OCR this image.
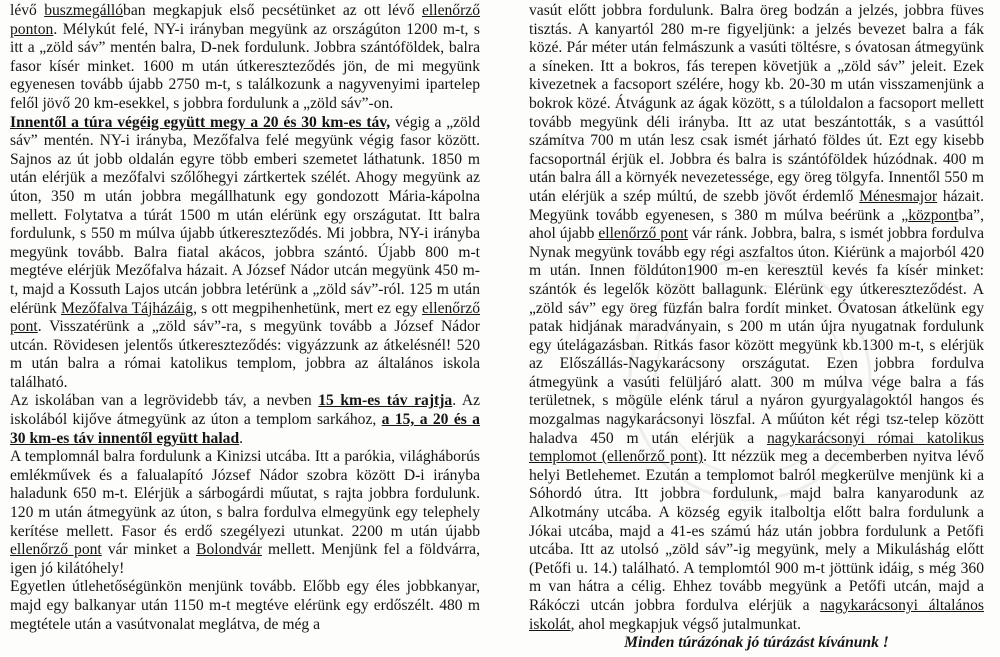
lévő buszmegállóban megkapjuk első pecsétünket az ott lévő ellenőrző ponton. Mélykút felé, NY-i irányban megyünk az országúton 1200 m-t, s itt a „zöld sáv” mentén balra, D-nek fordulunk. Jobbra szántóföldek, balra fasor kísér minket. 1600 m után útkereszteződés jön, de mi megyünk egyenesen tovább újabb 2750 m-t, s találkozunk a nagyvenyimi ipartelep felől jövő 20 km-esekkel, s jobbra fordulunk a „zöld sáv”-on.

Innentől a túra végéig együtt megy a 20 és 30 km-es táv, végig a „zöld sáv” mentén. NY-i irányba, Mezőfalva felé megyünk végig fasor között. Sajnos az út jobb oldalán egyre több emberi szemetet láthatunk. 1850 m után elérjük a mezőfalvi szőlőhegyi zártkertek szélét. Ahogy megyünk az úton, 350 m után jobbra megállhatunk egy gondozott Mária-kápolna mellett. Folytatva a túrát 1500 m után elérünk egy országutat. Itt balra fordulunk, s 550 m múlva újabb útkereszteződés. Mi jobbra, NY-i irányba megyünk tovább. Balra fiatal akácos, jobbra szántó. Újabb 800 m-t megtéve elérjük Mezőfalva házait. A József Nádor utcán megyünk 450 m-t, majd a Kossuth Lajos utcán jobbra letérünk a „zöld sáv”-ról. 125 m után elérünk Mezőfalva Tájházáig, s ott megpihenhetünk, mert ez egy ellenőrző pont. Visszatérünk a „zöld sáv”-ra, s megyünk tovább a József Nádor utcán. Rövidesen jelentős útkereszteződés: vigyázzunk az átkelésnél! 520 m után balra a római katolikus templom, jobbra az általános iskola található.

Az iskolában van a legrövidebb táv, a nevben 15 km-es táv rajtja. Az iskolából kijőve átmegyünk az úton a templom sarkához, a 15, a 20 és a 30 km-es táv innentől együtt halad.

A templomnál balra fordulunk a Kinizsi utcába. Itt a parókia, világháborús emlékművek és a falualapító József Nádor szobra között D-i irányba haladunk 650 m-t. Elérjük a sárbogárdi műutat, s rajta jobbra fordulunk. 120 m után átmegyünk az úton, s balra fordulva elmegyünk egy telephely kerítése mellett. Fasor és erdő szegélyezi utunkat. 2200 m után újabb ellenőrző pont vár minket a Bolondvár mellett. Menjünk fel a földvárra, igen jó kilátóhely!

Egyetlen útlehetőségünkön menjünk tovább. Előbb egy éles jobbkanyar, majd egy balkanyar után 1150 m-t megtéve elérünk egy erdőszélt. 480 m megtétele után a vasútvonalat meglátva, de még a

vasút előtt jobbra fordulunk. Balra öreg bodzán a jelzés, jobbra füves tisztás. A kanyartól 280 m-re figyeljünk: a jelzés bevezet balra a fák közé. Pár méter után felmászunk a vasúti töltésre, s óvatosan átmegyünk a síneken. Itt a bokros, fás terepen követjük a „zöld sáv” jeleit. Ezek kivezetnek a facsoport szélére, hogy kb. 20-30 m után visszamenjünk a bokrok közé. Átvágunk az ágak között, s a túloldalon a facsoport mellett tovább megyünk déli irányba. Itt az utat beszántották, s a vasúttól számítva 700 m után lesz csak ismét járható földes út. Ezt egy kisebb facsoportnál érjük el. Jobbra és balra is szántóföldek húzódnak. 400 m után balra áll a környék nevezetessége, egy öreg tölgyfa. Innentől 550 m után elérjük a szép múltú, de szebb jövőt érdemlő Ménesmajor házait. Megyünk tovább egyenesen, s 380 m múlva beérünk a „központba”, ahol újabb ellenőrző pont vár ránk. Jobbra, balra, s ismét jobbra fordulva Nynak megyünk tovább egy régi aszfaltos úton. Kiérünk a majorból 420 m után. Innen földúton1900 m-en keresztül kevés fa kísér minket: szántók és legelők között ballagunk. Elérünk egy útkereszteződést. A „zöld sáv” egy öreg füzfán balra fordít minket. Óvatosan átkelünk egy patak hidjának maradványain, s 200 m után újra nyugatnak fordulunk egy útelágazásban. Ritkás fasor között megyünk kb.1300 m-t, s elérjük az Előszállás-Nagykarácsony országutat. Ezen jobbra fordulva átmegyünk a vasúti felüljáró alatt. 300 m múlva vége balra a fás területnek, s mögüle elénk tárul a nyáron gyurgyalagoktól hangos és mozgalmas nagykarácsonyi löszfal. A műúton két régi tsz-telep között haladva 450 m után elérjük a nagykarácsonyi római katolikus templomot (ellenőrző pont). Itt nézzük meg a decemberben nyitva lévő helyi Betlehemet. Ezután a templomot balról megkerülve menjünk ki a Sóhordó útra. Itt jobbra fordulunk, majd balra kanyarodunk az Alkotmány utcába. A község egyik italboltja előtt balra fordulunk a Jókai utcába, majd a 41-es számú ház után jobbra fordulunk a Petőfi utcába. Itt az utolsó „zöld sáv”-ig megyünk, mely a Mikuláshág előtt (Petőfi u. 14.) található. A templomtól 900 m-t jöttünk idáig, s még 360 m van hátra a célig. Ehhez tovább megyünk a Petőfi utcán, majd a Rákóczi utcán jobbra fordulva elérjük a nagykarácsonyi általános iskolát, ahol megkapjuk végső jutalmunkat.

Minden túrázónak jó túrázást kívánunk !
